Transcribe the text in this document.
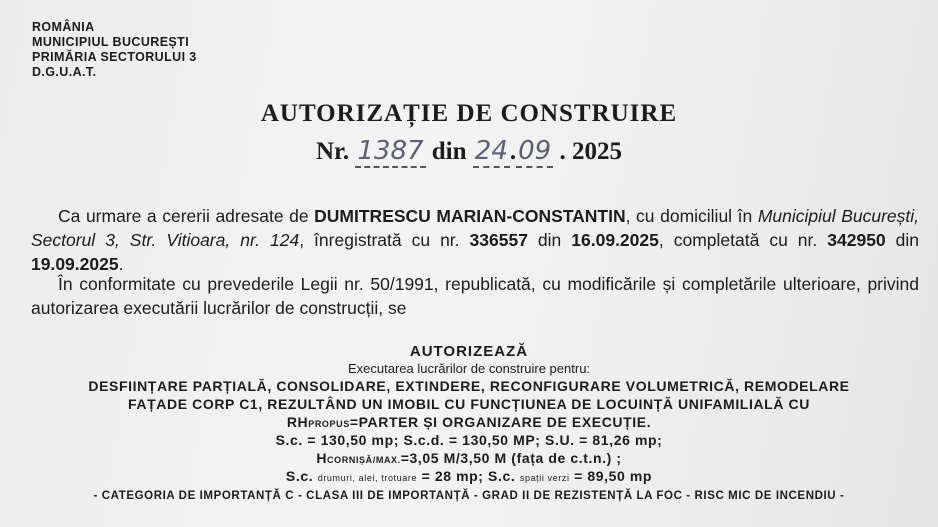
ROMÂNIA
MUNICIPIUL BUCUREȘTI
PRIMĂRIA SECTORULUI 3
D.G.U.A.T.
AUTORIZAȚIE DE CONSTRUIRE
Nr. 1387 din 24.09 . 2025
Ca urmare a cererii adresate de DUMITRESCU MARIAN-CONSTANTIN, cu domiciliul în Municipiul București, Sectorul 3, Str. Vitioara, nr. 124, înregistrată cu nr. 336557 din 16.09.2025, completată cu nr. 342950 din 19.09.2025.
În conformitate cu prevederile Legii nr. 50/1991, republicată, cu modificările și completările ulterioare, privind autorizarea executării lucrărilor de construcții, se
AUTORIZEAZĂ
Executarea lucrărilor de construire pentru:
DESFIINȚARE PARȚIALĂ, CONSOLIDARE, EXTINDERE, RECONFIGURARE VOLUMETRICĂ, REMODELARE
FAȚADE CORP C1, REZULTÂND UN IMOBIL CU FUNCȚIUNEA DE LOCUINȚĂ UNIFAMILIALĂ CU
RHPROPUS=PARTER ȘI ORGANIZARE DE EXECUȚIE.
S.c. = 130,50 mp; S.c.d. = 130,50 MP; S.U. = 81,26 mp;
HCORNIȘĂ/MAX.=3,05 M/3,50 M (fața de c.t.n.) ;
S.c. drumuri, alei, trotuare = 28 mp; S.c. spații verzi = 89,50 mp
- CATEGORIA DE IMPORTANȚĂ C - CLASA III DE IMPORTANȚĂ - GRAD II DE REZISTENȚĂ LA FOC - RISC MIC DE INCENDIU -
